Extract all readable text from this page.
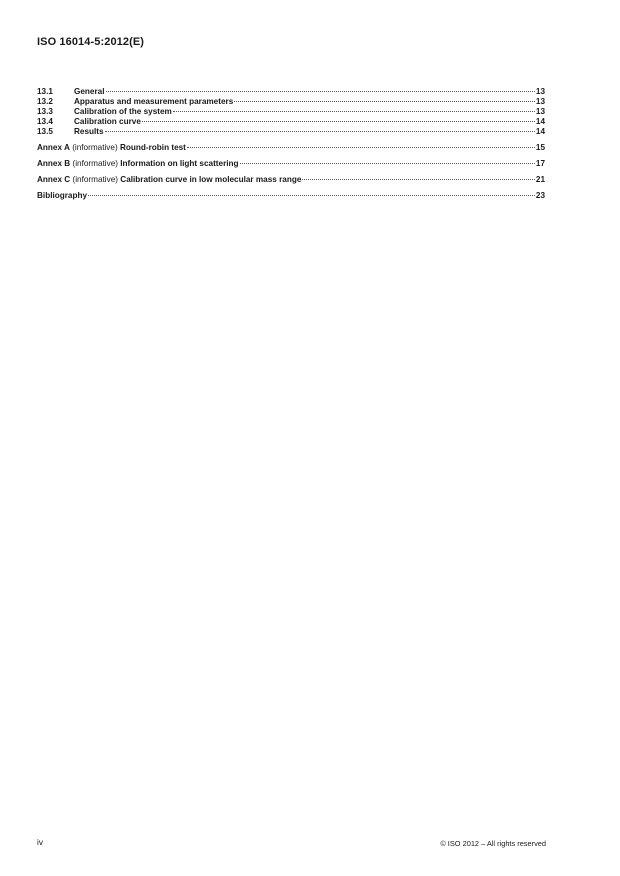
ISO 16014-5:2012(E)
13.1	General	13
13.2	Apparatus and measurement parameters	13
13.3	Calibration of the system	13
13.4	Calibration curve	14
13.5	Results	14
Annex A (informative) Round-robin test	15
Annex B (informative) Information on light scattering	17
Annex C (informative) Calibration curve in low molecular mass range	21
Bibliography	23
iv	© ISO 2012 – All rights reserved
